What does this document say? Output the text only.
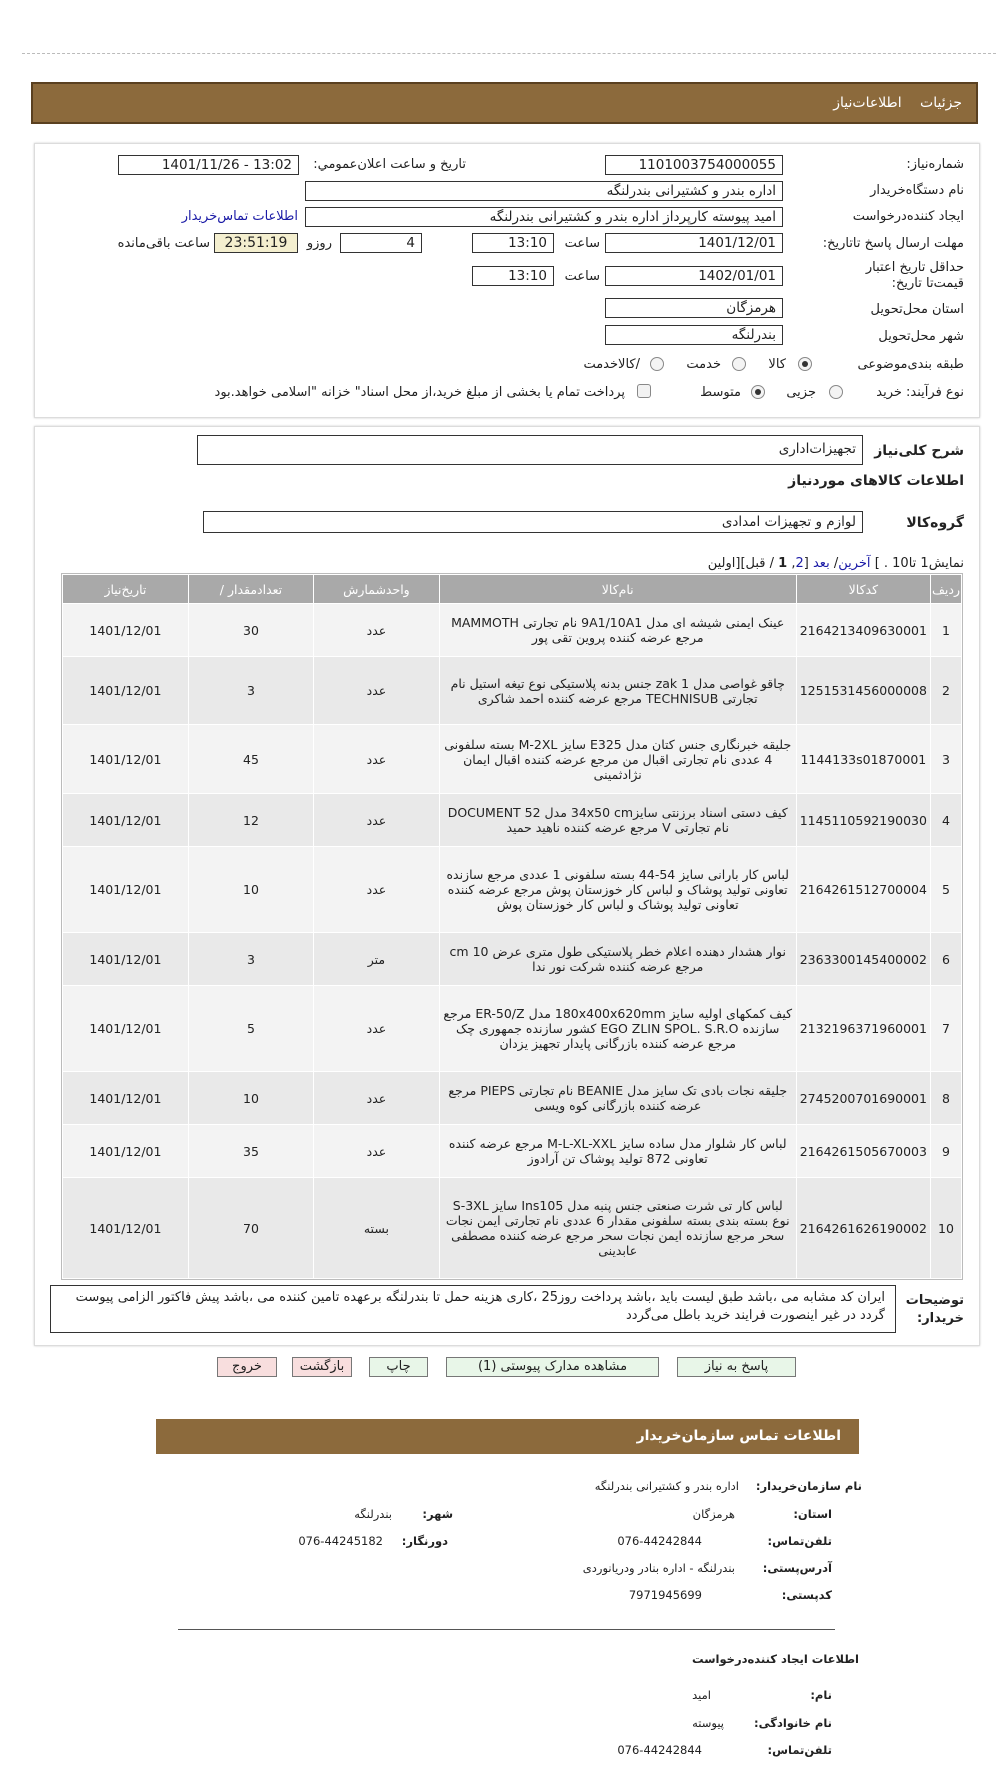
جزئیات اطلاعات‌نیاز
شماره‌نیاز:
1101003754000055
تاریخ و ساعت اعلان‌عمومي:
1401/11/26 - 13:02
نام دستگاه‌خریدار
اداره بندر و کشتیرانی بندرلنگه
ایجاد کننده‌درخواست
امید پیوسته کارپرداز اداره بندر و کشتیرانی بندرلنگه
اطلاعات تماس‌خریدار
مهلت ارسال پاسخ تا‌تاریخ:
1401/12/01
ساعت
13:10
4
روزو
23:51:19
ساعت باقی‌مانده
حداقل تاریخ اعتبار قیمت‌تا تاریخ:
1402/01/01
ساعت
13:10
استان محل‌تحویل
هرمزگان
شهر محل‌تحویل
بندرلنگه
طبقه بندی‌موضوعی
کالا
خدمت
/کالاخدمت
نوع فرآیند: خرید
جزیی
متوسط
پرداخت تمام یا بخشی از مبلغ خرید،از محل اسناد" خزانه "اسلامی خواهد.بود
شرح کلی‌نیاز
تجهیزات‌اداری
اطلاعات کالاهای موردنیاز
گروه‌کالا
لوازم و تجهیزات امدادی
نمایش1 تا10 . ] آخرین/ بعد [2, 1 / قبل][اولین
ردیف	کدکالا	نام‌کالا	واحدشمارش	تعدادمقدار /	تاریخ‌نیاز
1	2164213409630001	عینک ایمنی شیشه ای مدل 9A1/10A1 نام تجارتی MAMMOTH مرجع عرضه کننده پروین تقی پور	عدد	30	1401/12/01
2	1251531456000008	چاقو غواصی مدل zak 1 جنس بدنه پلاستیکی نوع تیغه استیل نام تجارتی TECHNISUB مرجع عرضه کننده احمد شاکری	عدد	3	1401/12/01
3	1144133s01870001	جلیقه خبرنگاری جنس کتان مدل E325 سایز M-2XL بسته سلفونی 4 عددی نام تجارتی اقبال من مرجع عرضه کننده اقبال ایمان نژادثمینی	عدد	45	1401/12/01
4	1145110592190030	کیف دستی اسناد برزنتی سایز34x50 cm مدل DOCUMENT 52 نام تجارتی V مرجع عرضه کننده ناهید حمید	عدد	12	1401/12/01
5	2164261512700004	لباس کار بارانی سایز 54-44 بسته سلفونی 1 عددی مرجع سازنده تعاونی تولید پوشاک و لباس کار خوزستان پوش مرجع عرضه کننده تعاونی تولید پوشاک و لباس کار خوزستان پوش	عدد	10	1401/12/01
6	2363300145400002	نوار هشدار دهنده اعلام خطر پلاستیکی طول متری عرض 10 cm مرجع عرضه کننده شرکت نور ندا	متر	3	1401/12/01
7	2132196371960001	کیف کمکهای اولیه سایز 180x400x620mm مدل ER-50/Z مرجع سازنده EGO ZLIN SPOL. S.R.O کشور سازنده جمهوری چک مرجع عرضه کننده بازرگانی پایدار تجهیز یزدان	عدد	5	1401/12/01
8	2745200701690001	جلیقه نجات بادی تک سایز مدل BEANIE نام تجارتی PIEPS مرجع عرضه کننده بازرگانی کوه ویسی	عدد	10	1401/12/01
9	2164261505670003	لباس کار شلوار مدل ساده سایز M-L-XL-XXL مرجع عرضه کننده تعاونی 872 تولید پوشاک تن آرادوز	عدد	35	1401/12/01
10	2164261626190002	لباس کار تی شرت صنعتی جنس پنبه مدل Ins105 سایز S-3XL نوع بسته بندی بسته سلفونی مقدار 6 عددی نام تجارتی ایمن نجات سحر مرجع سازنده ایمن نجات سحر مرجع عرضه کننده مصطفی عابدینی	بسته	70	1401/12/01
توضیحات خریدار:
ایران کد مشابه می ،باشد طبق لیست باید ،باشد پرداخت روز25 ،کاری هزینه حمل تا بندرلنگه برعهده تامین کننده می ،باشد پیش فاکتور الزامی پیوست گردد در غیر اینصورت فرایند خرید باطل می‌گردد
پاسخ به نیاز
مشاهده مدارک پیوستی (1)
چاپ
بازگشت
خروج
اطلاعات تماس سازمان‌خریدار
نام سازمان‌خریدار:
اداره بندر و کشتیرانی بندرلنگه
استان:
هرمزگان
شهر:
بندرلنگه
تلفن‌تماس:
076-44242844
دورنگار:
076-44245182
آدرس‌پستی:
بندرلنگه - اداره بنادر ودریانوردی
کد‌پستی:
7971945699
اطلاعات ایجاد کننده‌درخواست
نام:
امید
نام خانوادگی:
پیوسته
تلفن‌تماس:
076-44242844
